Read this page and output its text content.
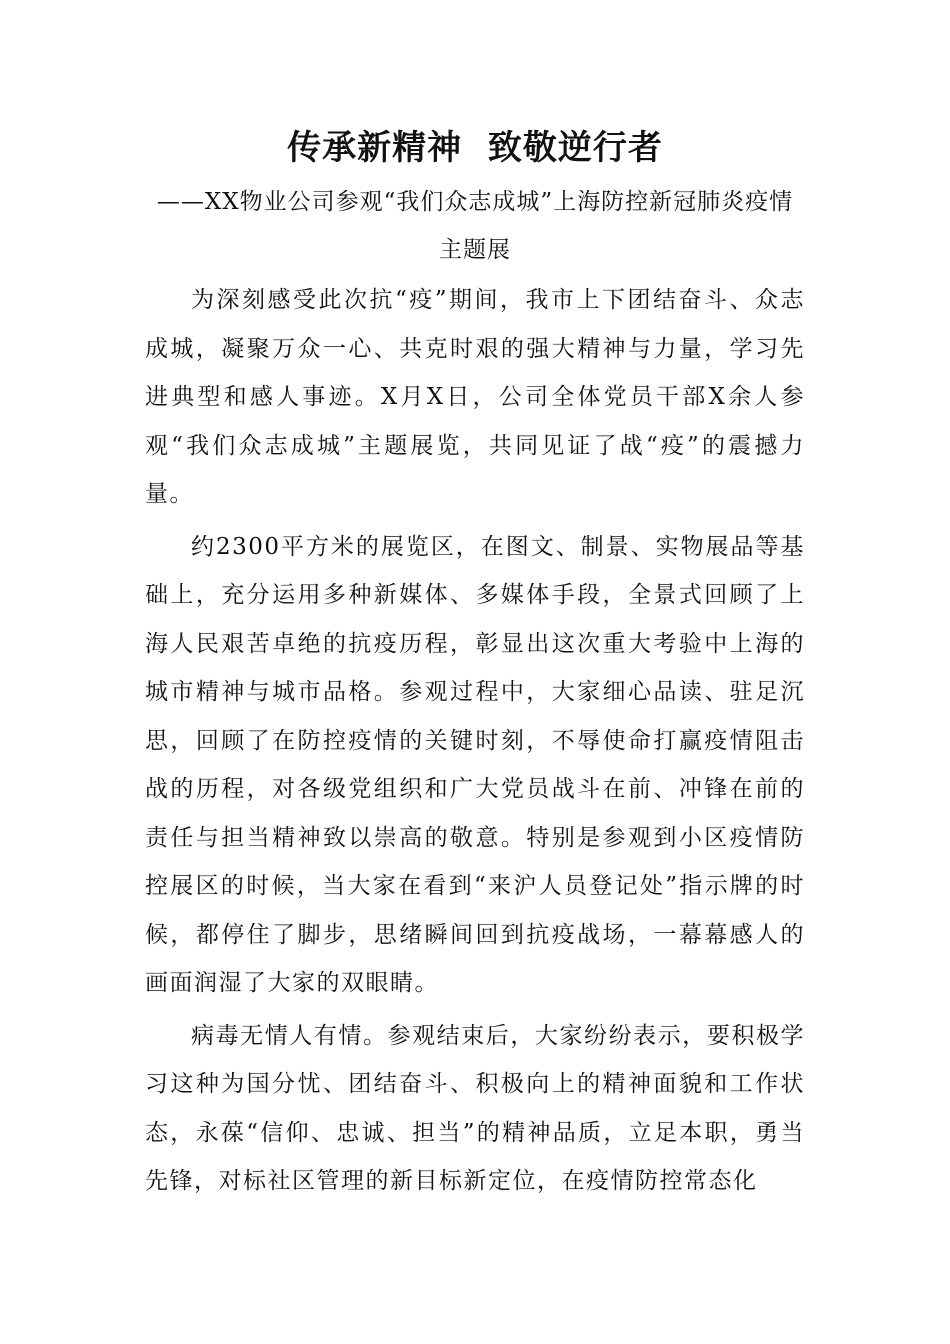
传承新精神  致敬逆行者
——XX物业公司参观“我们众志成城”上海防控新冠肺炎疫情主题展

为深刻感受此次抗“疫”期间，我市上下团结奋斗、众志成城，凝聚万众一心、共克时艰的强大精神与力量，学习先进典型和感人事迹。X月X日，公司全体党员干部X余人参观“我们众志成城”主题展览，共同见证了战“疫”的震撼力量。

约2300平方米的展览区，在图文、制景、实物展品等基础上，充分运用多种新媒体、多媒体手段，全景式回顾了上海人民艰苦卓绝的抗疫历程，彰显出这次重大考验中上海的城市精神与城市品格。参观过程中，大家细心品读、驻足沉思，回顾了在防控疫情的关键时刻，不辱使命打赢疫情阻击战的历程，对各级党组织和广大党员战斗在前、冲锋在前的责任与担当精神致以崇高的敬意。特别是参观到小区疫情防控展区的时候，当大家在看到“来沪人员登记处”指示牌的时候，都停住了脚步，思绪瞬间回到抗疫战场，一幕幕感人的画面润湿了大家的双眼睛。

病毒无情人有情。参观结束后，大家纷纷表示，要积极学习这种为国分忧、团结奋斗、积极向上的精神面貌和工作状态，永葆“信仰、忠诚、担当”的精神品质，立足本职，勇当先锋，对标社区管理的新目标新定位，在疫情防控常态化
